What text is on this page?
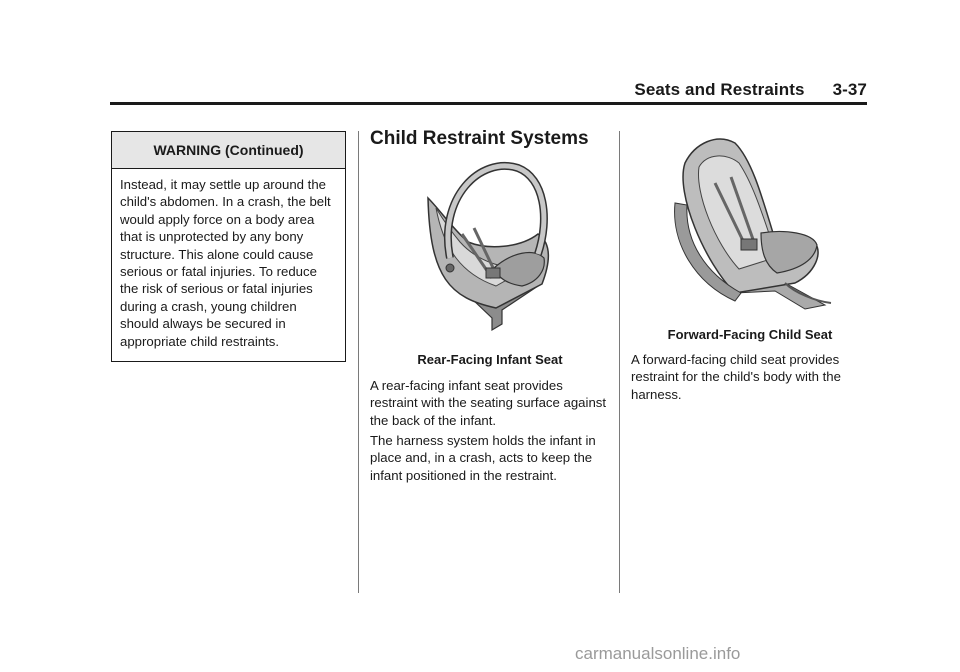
Seats and Restraints 3-37
WARNING (Continued)
Instead, it may settle up around the child's abdomen. In a crash, the belt would apply force on a body area that is unprotected by any bony structure. This alone could cause serious or fatal injuries. To reduce the risk of serious or fatal injuries during a crash, young children should always be secured in appropriate child restraints.
Child Restraint Systems
Rear-Facing Infant Seat
A rear-facing infant seat provides restraint with the seating surface against the back of the infant.
The harness system holds the infant in place and, in a crash, acts to keep the infant positioned in the restraint.
Forward-Facing Child Seat
A forward-facing child seat provides restraint for the child's body with the harness.
carmanualsonline.info
